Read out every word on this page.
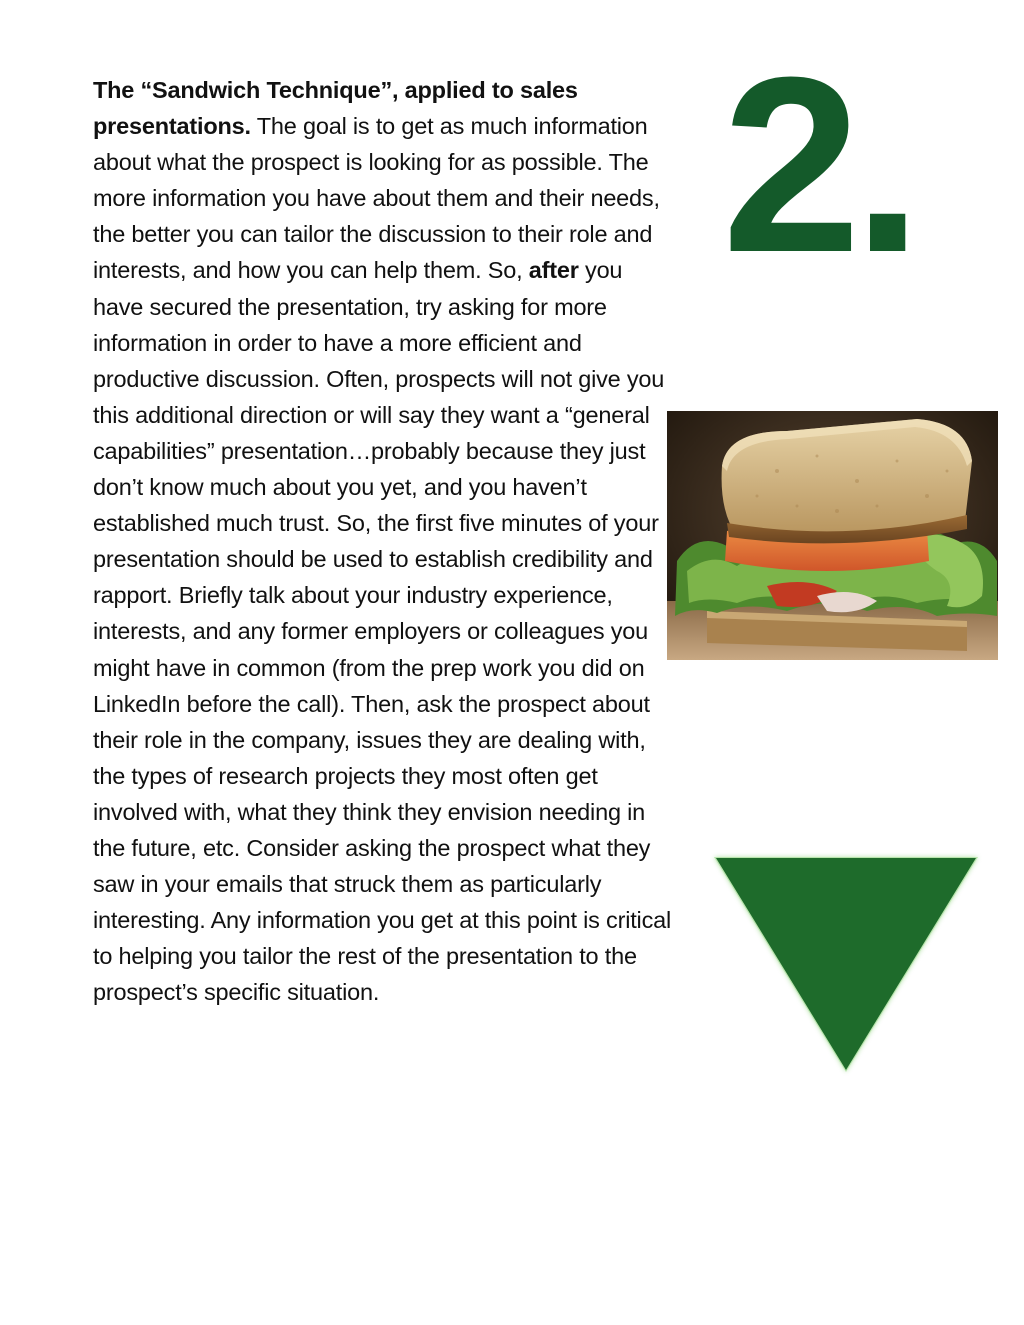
The “Sandwich Technique”, applied to sales presentations. The goal is to get as much information about what the prospect is looking for as possible. The more information you have about them and their needs, the better you can tailor the discussion to their role and interests, and how you can help them. So, after you have secured the presentation, try asking for more information in order to have a more efficient and productive discussion. Often, prospects will not give you this additional direction or will say they want a “general capabilities” presentation…probably because they just don’t know much about you yet, and you haven’t established much trust. So, the first five minutes of your presentation should be used to establish credibility and rapport. Briefly talk about your industry experience, interests, and any former employers or colleagues you might have in common (from the prep work you did on LinkedIn before the call). Then, ask the prospect about their role in the company, issues they are dealing with, the types of research projects they most often get involved with, what they think they envision needing in the future, etc. Consider asking the prospect what they saw in your emails that struck them as particularly interesting. Any information you get at this point is critical to helping you tailor the rest of the presentation to the prospect’s specific situation.

2.
